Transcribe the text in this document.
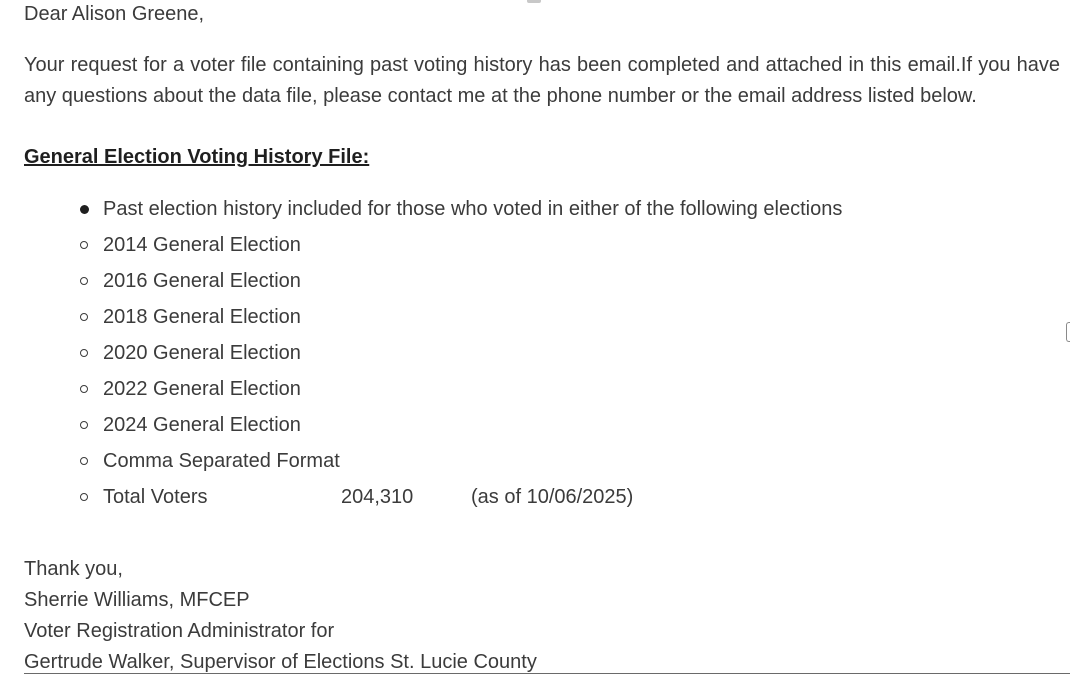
Dear Alison Greene,

Your request for a voter file containing past voting history has been completed and attached in this email.If you have any questions about the data file, please contact me at the phone number or the email address listed below.

General Election Voting History File:
Past election history included for those who voted in either of the following elections
2014 General Election
2016 General Election
2018 General Election
2020 General Election
2022 General Election
2024 General Election
Comma Separated Format
Total Voters	204,310	(as of 10/06/2025)
Thank you,
Sherrie Williams, MFCEP
Voter Registration Administrator for
Gertrude Walker, Supervisor of Elections St. Lucie County
